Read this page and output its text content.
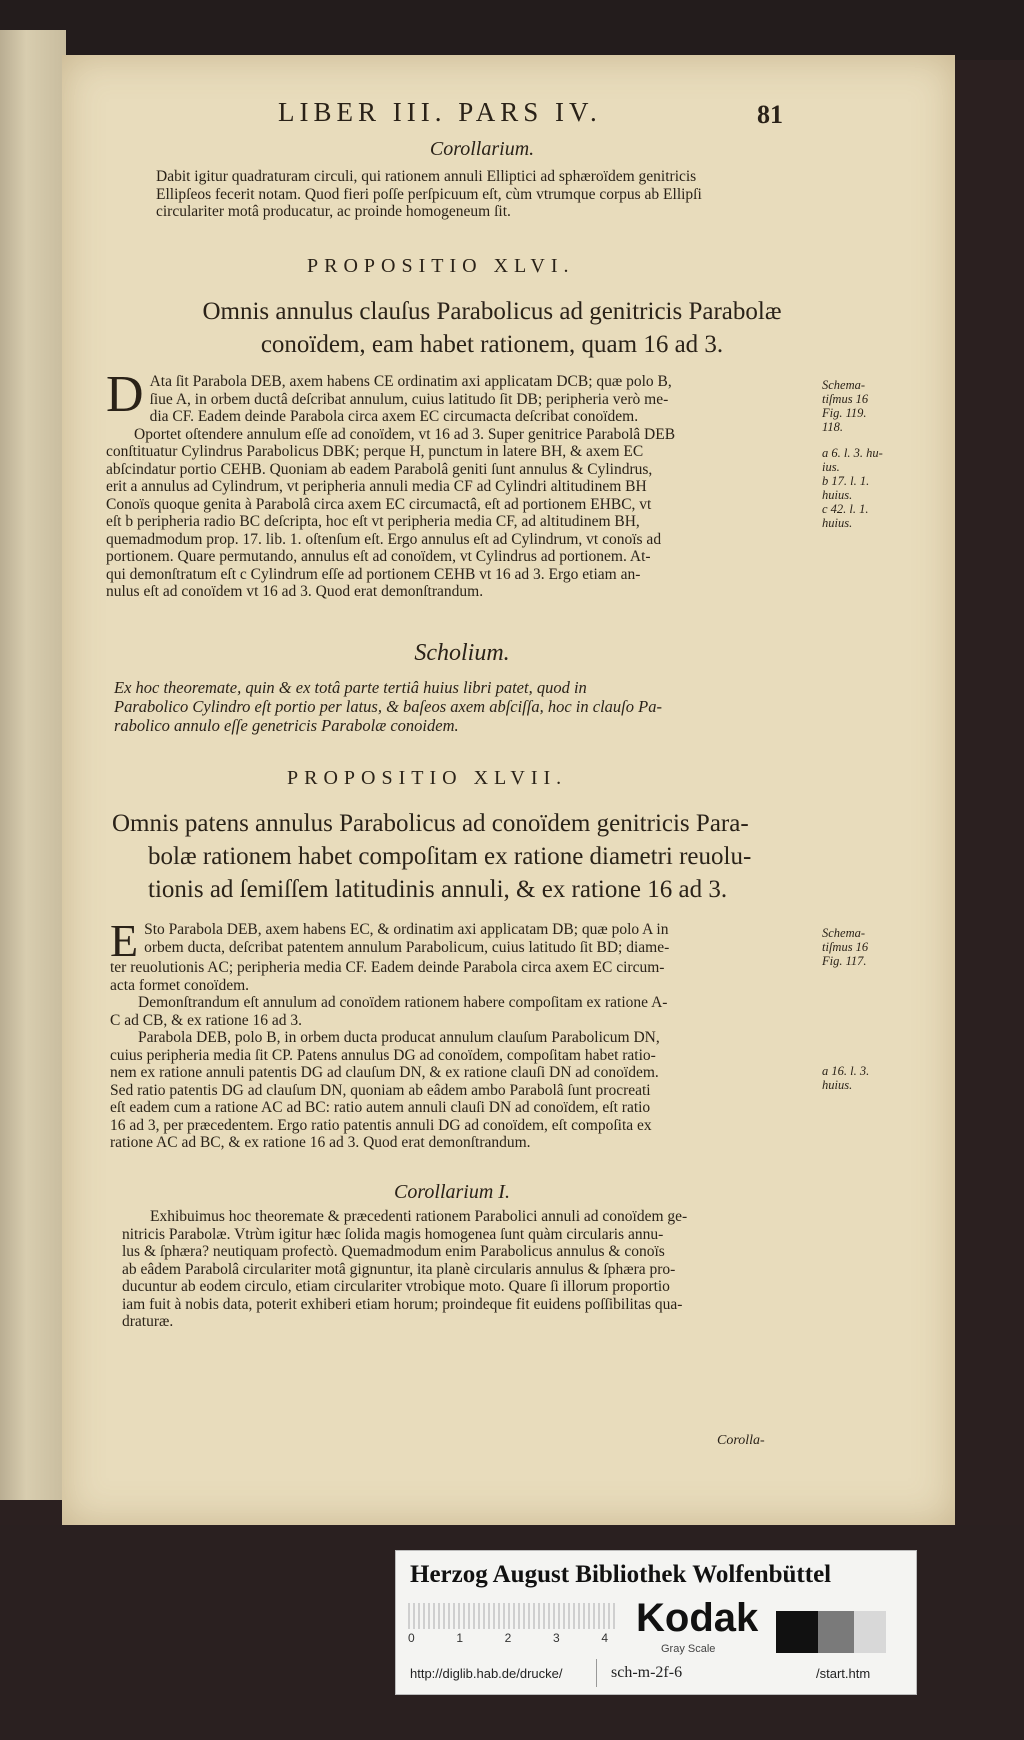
LIBER III. PARS IV.	81
Corollarium.
Dabit igitur quadraturam circuli, qui rationem annuli Elliptici ad sphæroïdem genitricis
Ellipſeos fecerit notam. Quod fieri poſſe perſpicuum eſt, cùm vtrumque corpus ab Ellipſi
circulariter motâ producatur, ac proinde homogeneum ſit.
PROPOSITIO XLVI.
Omnis annulus clauſus Parabolicus ad genitricis Parabolæ
conoïdem, eam habet rationem, quam 16 ad 3.
D Ata ſit Parabola DEB, axem habens CE ordinatim axi applicatam DCB; quæ polo B,
ſiue A, in orbem ductâ deſcribat annulum, cuius latitudo ſit DB; peripheria verò me-
dia CF. Eadem deinde Parabola circa axem EC circumacta deſcribat conoïdem.
Oportet oſtendere annulum eſſe ad conoïdem, vt 16 ad 3. Super genitrice Parabolâ DEB
conſtituatur Cylindrus Parabolicus DBK; perque H, punctum in latere BH, & axem EC
abſcindatur portio CEHB. Quoniam ab eadem Parabolâ geniti ſunt annulus & Cylindrus,
erit a annulus ad Cylindrum, vt peripheria annuli media CF ad Cylindri altitudinem BH
Conoïs quoque genita à Parabolâ circa axem EC circumactâ, eſt ad portionem EHBC, vt
eſt b peripheria radio BC deſcripta, hoc eſt vt peripheria media CF, ad altitudinem BH,
quemadmodum prop. 17. lib. 1. oſtenſum eſt. Ergo annulus eſt ad Cylindrum, vt conoïs ad
portionem. Quare permutando, annulus eſt ad conoïdem, vt Cylindrus ad portionem. At-
qui demonſtratum eſt c Cylindrum eſſe ad portionem CEHB vt 16 ad 3. Ergo etiam an-
nulus eſt ad conoïdem vt 16 ad 3. Quod erat demonſtrandum.
Schema-
tiſmus 16
Fig. 119.
118.
a 6. l. 3. hu-
ius.
b 17. l. 1.
huius.
c 42. l. 1.
huius.
Scholium.
Ex hoc theoremate, quin & ex totâ parte tertiâ huius libri patet, quod in
Parabolico Cylindro eſt portio per latus, & baſeos axem abſciſſa, hoc in clauſo Pa-
rabolico annulo eſſe genetricis Parabolæ conoidem.
PROPOSITIO XLVII.
Omnis patens annulus Parabolicus ad conoïdem genitricis Para-
bolæ rationem habet compoſitam ex ratione diametri reuolu-
tionis ad ſemiſſem latitudinis annuli, & ex ratione 16 ad 3.
E Sto Parabola DEB, axem habens EC, & ordinatim axi applicatam DB; quæ polo A in
orbem ducta, deſcribat patentem annulum Parabolicum, cuius latitudo ſit BD; diame-
ter reuolutionis AC; peripheria media CF. Eadem deinde Parabola circa axem EC circum-
acta formet conoïdem.
Demonſtrandum eſt annulum ad conoïdem rationem habere compoſitam ex ratione A-
C ad CB, & ex ratione 16 ad 3.
Parabola DEB, polo B, in orbem ducta producat annulum clauſum Parabolicum DN,
cuius peripheria media ſit CP. Patens annulus DG ad conoïdem, compoſitam habet ratio-
nem ex ratione annuli patentis DG ad clauſum DN, & ex ratione clauſi DN ad conoïdem.
Sed ratio patentis DG ad clauſum DN, quoniam ab eâdem ambo Parabolâ ſunt procreati
eſt eadem cum a ratione AC ad BC: ratio autem annuli clauſi DN ad conoïdem, eſt ratio
16 ad 3, per præcedentem. Ergo ratio patentis annuli DG ad conoïdem, eſt compoſita ex
ratione AC ad BC, & ex ratione 16 ad 3. Quod erat demonſtrandum.
Schema-
tiſmus 16
Fig. 117.
a 16. l. 3.
huius.
Corollarium I.
Exhibuimus hoc theoremate & præcedenti rationem Parabolici annuli ad conoïdem ge-
nitricis Parabolæ. Vtrùm igitur hæc ſolida magis homogenea ſunt quàm circularis annu-
lus & ſphæra? neutiquam profectò. Quemadmodum enim Parabolicus annulus & conoïs
ab eâdem Parabolâ circulariter motâ gignuntur, ita planè circularis annulus & ſphæra pro-
ducuntur ab eodem circulo, etiam circulariter vtrobique moto. Quare ſi illorum proportio
iam fuit à nobis data, poterit exhiberi etiam horum; proindeque fit euidens poſſibilitas qua-
draturæ.
Corolla-
Herzog August Bibliothek Wolfenbüttel
0	1	2	3	4 Kodak
Gray Scale
http://diglib.hab.de/drucke/	sch-m-2f-6	/start.htm
